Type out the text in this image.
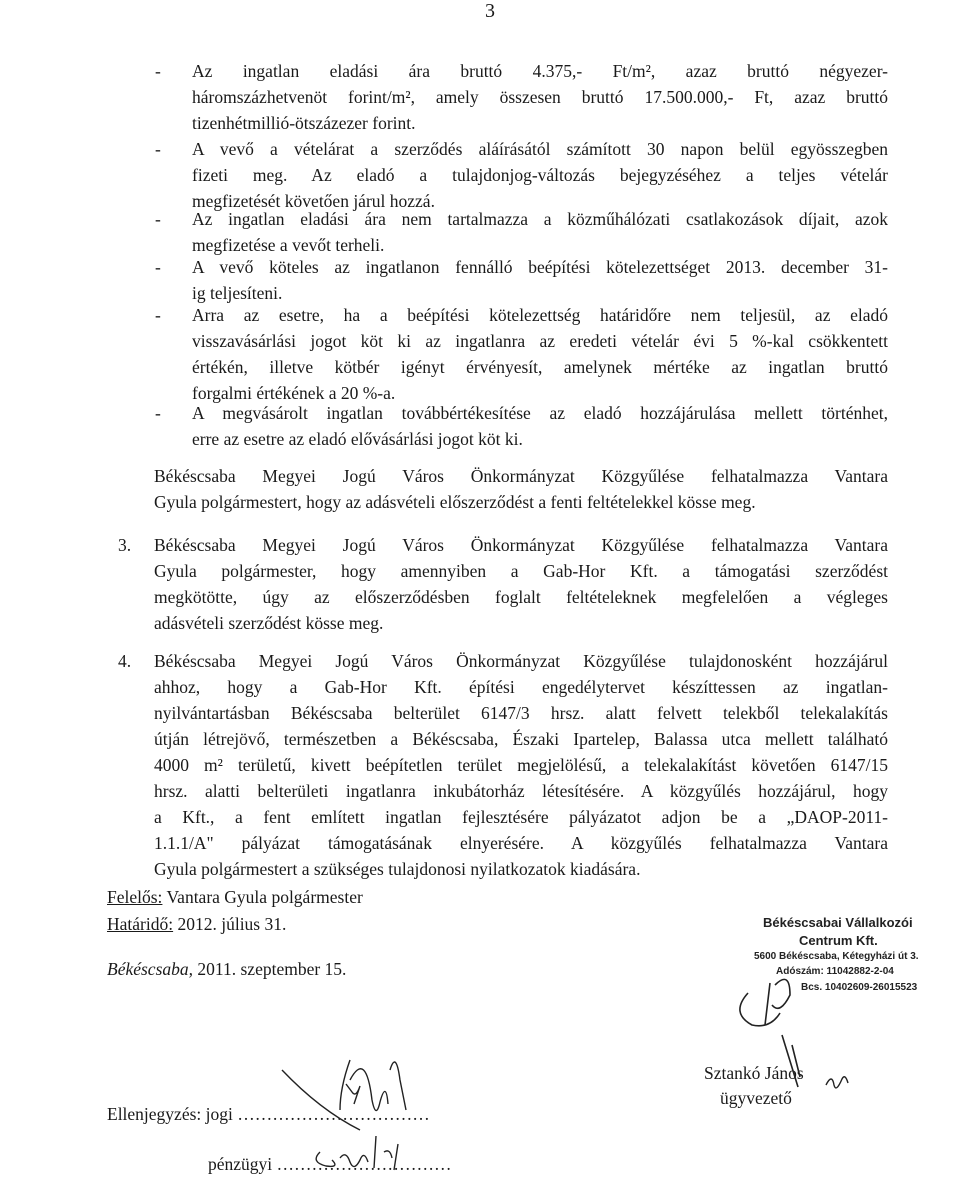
3
- Az ingatlan eladási ára bruttó 4.375,- Ft/m², azaz bruttó négyezer-
háromszázhetvenöt forint/m², amely összesen bruttó 17.500.000,- Ft, azaz bruttó
tizenhétmillió-ötszázezer forint.
- A vevő a vételárat a szerződés aláírásától számított 30 napon belül egyösszegben
fizeti meg. Az eladó a tulajdonjog-változás bejegyzéséhez a teljes vételár
megfizetését követően járul hozzá.
- Az ingatlan eladási ára nem tartalmazza a közműhálózati csatlakozások díjait, azok
megfizetése a vevőt terheli.
- A vevő köteles az ingatlanon fennálló beépítési kötelezettséget 2013. december 31-
ig teljesíteni.
- Arra az esetre, ha a beépítési kötelezettség határidőre nem teljesül, az eladó
visszavásárlási jogot köt ki az ingatlanra az eredeti vételár évi 5 %-kal csökkentett
értékén, illetve kötbér igényt érvényesít, amelynek mértéke az ingatlan bruttó
forgalmi értékének a 20 %-a.
- A megvásárolt ingatlan továbbértékesítése az eladó hozzájárulása mellett történhet,
erre az esetre az eladó elővásárlási jogot köt ki.
Békéscsaba Megyei Jogú Város Önkormányzat Közgyűlése felhatalmazza Vantara
Gyula polgármestert, hogy az adásvételi előszerződést a fenti feltételekkel kösse meg.
3. Békéscsaba Megyei Jogú Város Önkormányzat Közgyűlése felhatalmazza Vantara
Gyula polgármester, hogy amennyiben a Gab-Hor Kft. a támogatási szerződést
megkötötte, úgy az előszerződésben foglalt feltételeknek megfelelően a végleges
adásvételi szerződést kösse meg.
4. Békéscsaba Megyei Jogú Város Önkormányzat Közgyűlése tulajdonosként hozzájárul
ahhoz, hogy a Gab-Hor Kft. építési engedélytervet készíttessen az ingatlan-
nyilvántartásban Békéscsaba belterület 6147/3 hrsz. alatt felvett telekből telekalakítás
útján létrejövő, természetben a Békéscsaba, Északi Ipartelep, Balassa utca mellett található
4000 m² területű, kivett beépítetlen terület megjelölésű, a telekalakítást követően 6147/15
hrsz. alatti belterületi ingatlanra inkubátorház létesítésére. A közgyűlés hozzájárul, hogy
a Kft., a fent említett ingatlan fejlesztésére pályázatot adjon be a „DAOP-2011-
1.1.1/A" pályázat támogatásának elnyerésére. A közgyűlés felhatalmazza Vantara
Gyula polgármestert a szükséges tulajdonosi nyilatkozatok kiadására.
Felelős: Vantara Gyula polgármester
Határidő: 2012. július 31.
Békéscsaba, 2011. szeptember 15.
Ellenjegyzés: jogi ……………………………
pénzügyi …………………………
Békéscsabai Vállalkozói
Centrum Kft.
5600 Békéscsaba, Kétegyházi út 3.
Adószám: 11042882-2-04
Bcs. 10402609-26015523
Sztankó János
ügyvezető
